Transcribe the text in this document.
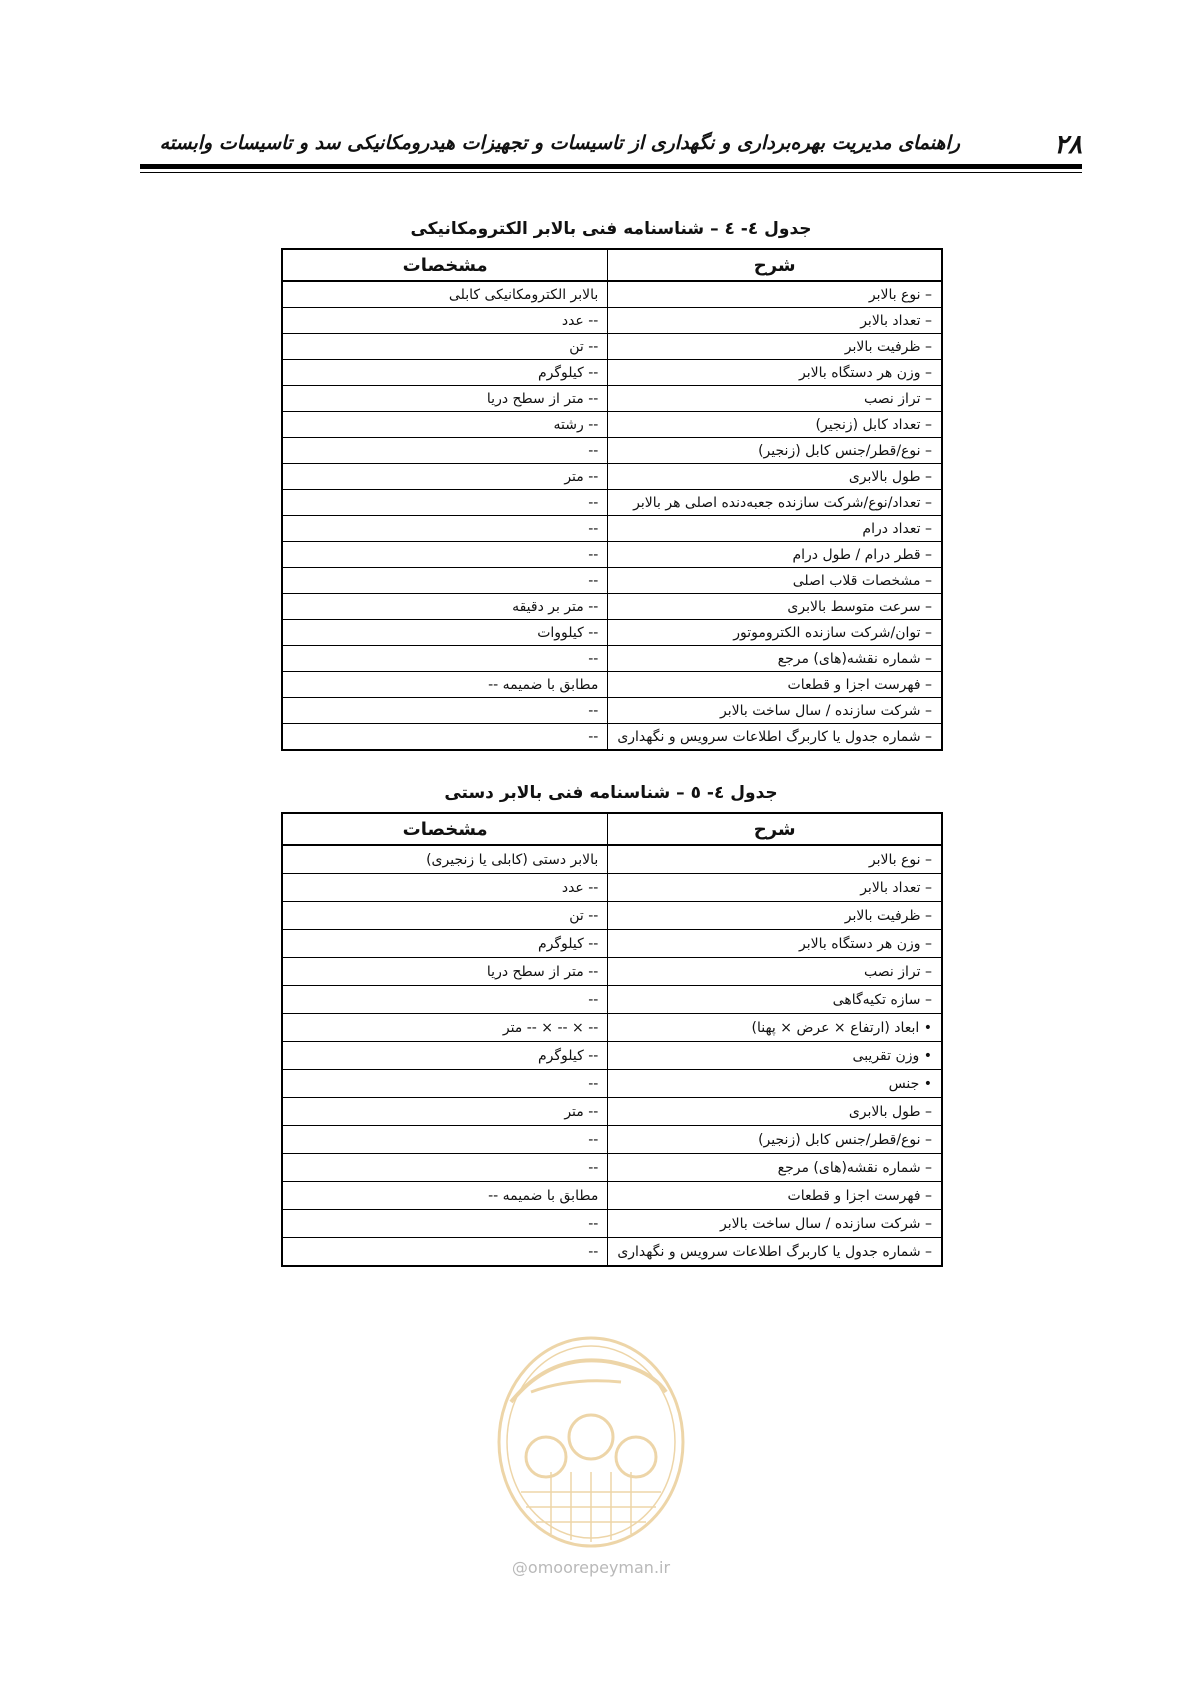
۲۸
راهنمای مدیریت بهره‌برداری و نگهداری از تاسیسات و تجهیزات هیدرومکانیکی سد و تاسیسات وابسته
جدول ٤- ٤ – شناسنامه فنی بالابر الکترومکانیکی
شرح	مشخصات
– نوع بالابر	بالابر الکترومکانیکی کابلی
– تعداد بالابر	-- عدد
– ظرفیت بالابر	-- تن
– وزن هر دستگاه بالابر	-- کیلوگرم
– تراز نصب	-- متر از سطح دریا
– تعداد کابل (زنجیر)	-- رشته
– نوع/قطر/جنس کابل (زنجیر)	--
– طول بالابری	-- متر
– تعداد/نوع/شرکت سازنده جعبه‌دنده اصلی هر بالابر	--
– تعداد درام	--
– قطر درام / طول درام	--
– مشخصات قلاب اصلی	--
– سرعت متوسط بالابری	-- متر بر دقیقه
– توان/شرکت سازنده الکتروموتور	-- کیلووات
– شماره نقشه(های) مرجع	--
– فهرست اجزا و قطعات	مطابق با ضمیمه --
– شرکت سازنده / سال ساخت بالابر	--
– شماره جدول یا کاربرگ اطلاعات سرویس و نگهداری	--
جدول ٤- ٥ – شناسنامه فنی بالابر دستی
شرح	مشخصات
– نوع بالابر	بالابر دستی (کابلی یا زنجیری)
– تعداد بالابر	-- عدد
– ظرفیت بالابر	-- تن
– وزن هر دستگاه بالابر	-- کیلوگرم
– تراز نصب	-- متر از سطح دریا
– سازه تکیه‌گاهی	--
• ابعاد (ارتفاع × عرض × پهنا)	-- × -- × -- متر
• وزن تقریبی	-- کیلوگرم
• جنس	--
– طول بالابری	-- متر
– نوع/قطر/جنس کابل (زنجیر)	--
– شماره نقشه(های) مرجع	--
– فهرست اجزا و قطعات	مطابق با ضمیمه --
– شرکت سازنده / سال ساخت بالابر	--
– شماره جدول یا کاربرگ اطلاعات سرویس و نگهداری	--
@omoorepeyman.ir
